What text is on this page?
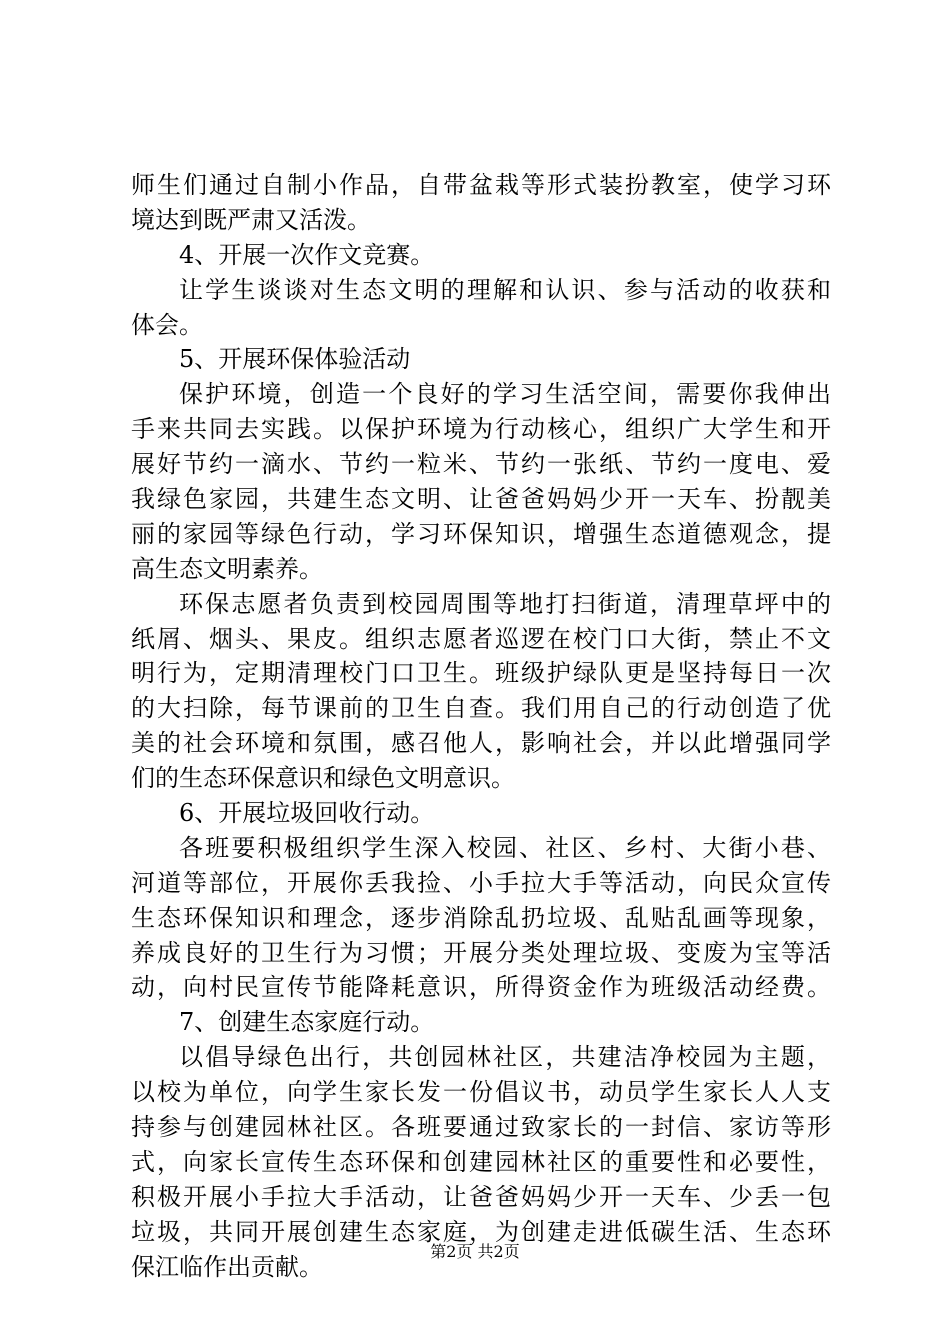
师生们通过自制小作品，自带盆栽等形式装扮教室，使学习环
境达到既严肃又活泼。
4、开展一次作文竞赛。
让学生谈谈对生态文明的理解和认识、参与活动的收获和
体会。
5、开展环保体验活动
保护环境，创造一个良好的学习生活空间，需要你我伸出
手来共同去实践。以保护环境为行动核心，组织广大学生和开
展好节约一滴水、节约一粒米、节约一张纸、节约一度电、爱
我绿色家园，共建生态文明、让爸爸妈妈少开一天车、扮靓美
丽的家园等绿色行动，学习环保知识，增强生态道德观念，提
高生态文明素养。
环保志愿者负责到校园周围等地打扫街道，清理草坪中的
纸屑、烟头、果皮。组织志愿者巡逻在校门口大街，禁止不文
明行为，定期清理校门口卫生。班级护绿队更是坚持每日一次
的大扫除，每节课前的卫生自查。我们用自己的行动创造了优
美的社会环境和氛围，感召他人，影响社会，并以此增强同学
们的生态环保意识和绿色文明意识。
6、开展垃圾回收行动。
各班要积极组织学生深入校园、社区、乡村、大街小巷、
河道等部位，开展你丢我捡、小手拉大手等活动，向民众宣传
生态环保知识和理念，逐步消除乱扔垃圾、乱贴乱画等现象，
养成良好的卫生行为习惯；开展分类处理垃圾、变废为宝等活
动，向村民宣传节能降耗意识，所得资金作为班级活动经费。
7、创建生态家庭行动。
以倡导绿色出行，共创园林社区，共建洁净校园为主题，
以校为单位，向学生家长发一份倡议书，动员学生家长人人支
持参与创建园林社区。各班要通过致家长的一封信、家访等形
式，向家长宣传生态环保和创建园林社区的重要性和必要性，
积极开展小手拉大手活动，让爸爸妈妈少开一天车、少丢一包
垃圾，共同开展创建生态家庭，为创建走进低碳生活、生态环
保江临作出贡献。
第2页 共2页
